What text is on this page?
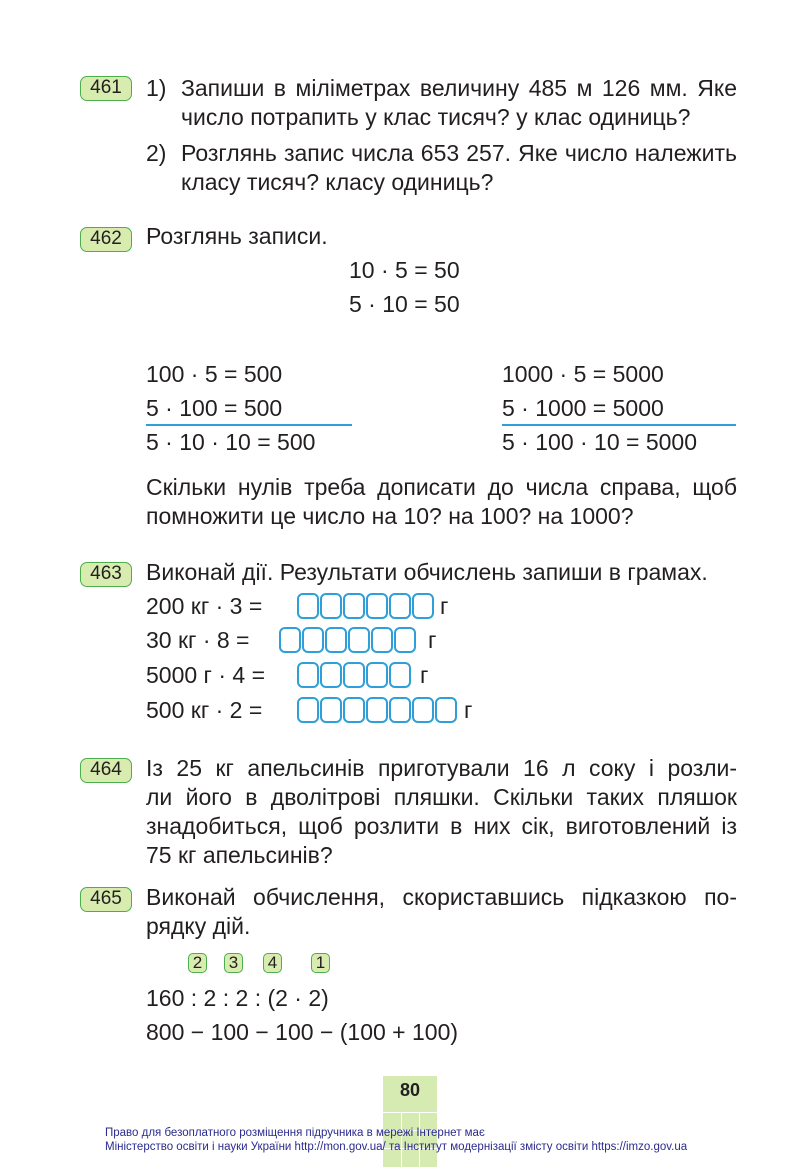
461	1) Запиши в міліметрах величину 485 м 126 мм. Яке
число потрапить у клас тисяч? у клас одиниць?
2) Розглянь запис числа 653 257. Яке число належить
класу тисяч? класу одиниць?
462	Розглянь записи.
10 · 5 = 50
5 · 10 = 50
100 · 5 = 500
5 · 100 = 500
5 · 10 · 10 = 500
1000 · 5 = 5000
5 · 1000 = 5000
5 · 100 · 10 = 5000
Скільки нулів треба дописати до числа справа, щоб
помножити це число на 10? на 100? на 1000?
463	Виконай дії. Результати обчислень запиши в грамах.
200 кг · 3 =	г
30 кг · 8 =	г
5000 г · 4 =	г
500 кг · 2 =	г
464	Із 25 кг апельсинів приготували 16 л соку і розли-
ли його в дволітрові пляшки. Скільки таких пляшок
знадобиться, щоб розлити в них сік, виготовлений із
75 кг апельсинів?
465	Виконай обчислення, скориставшись підказкою по-
рядку дій.
2 3 4 1
160 : 2 : 2 : (2 · 2)
800 − 100 − 100 − (100 + 100)
80
Право для безоплатного розміщення підручника в мережі Інтернет має
Міністерство освіти і науки України http://mon.gov.ua/ та Інститут модернізації змісту освіти https://imzo.gov.ua
